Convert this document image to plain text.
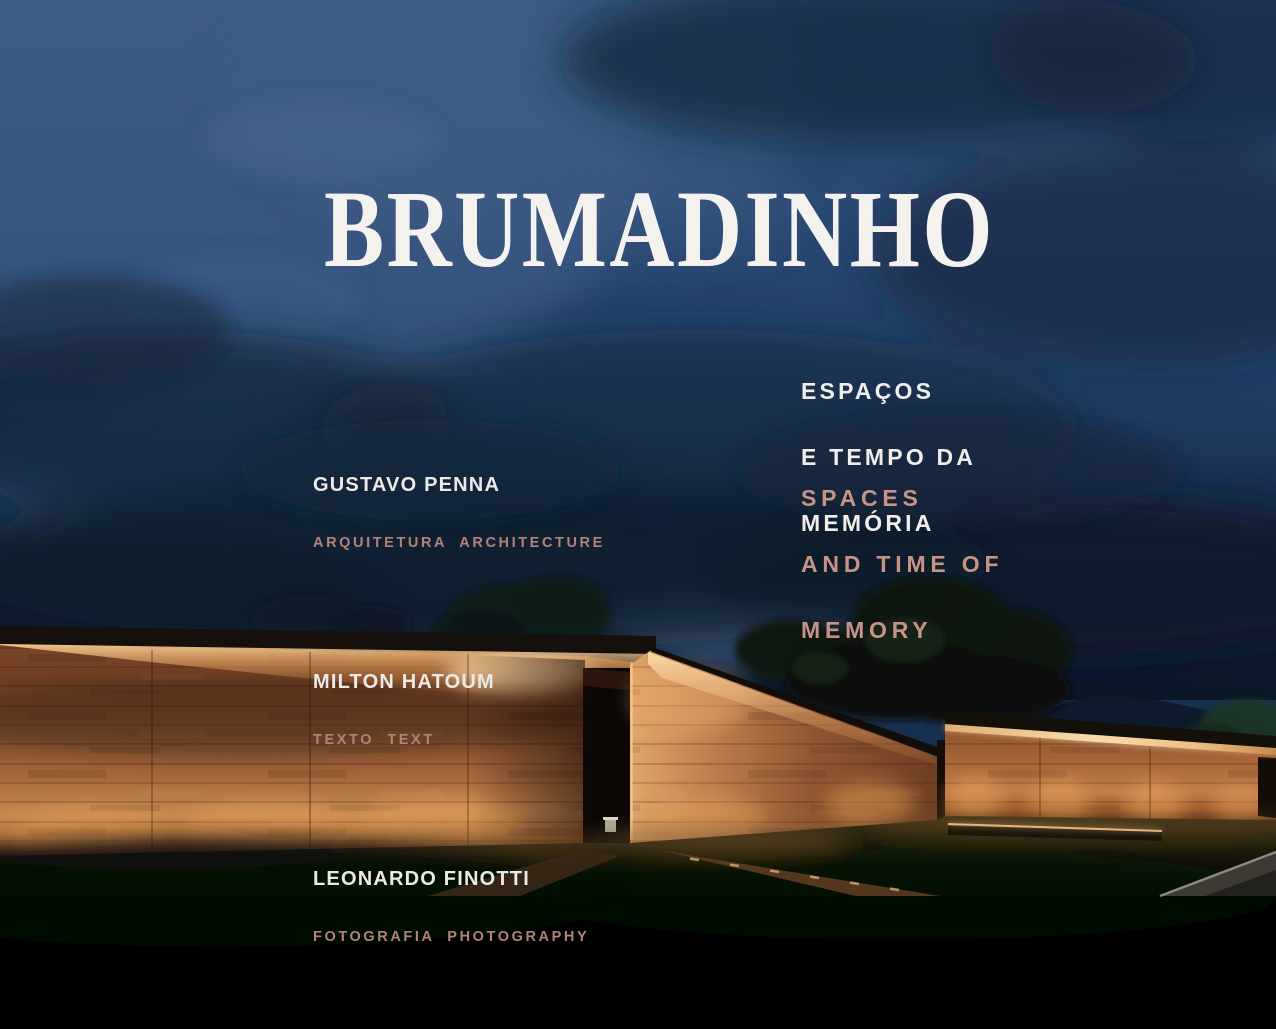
BRUMADINHO

GUSTAVO PENNA

ARQUITETURA  ARCHITECTURE

MILTON HATOUM

TEXTO  TEXT

LEONARDO FINOTTI

FOTOGRAFIA  PHOTOGRAPHY

ESPAÇOS

E TEMPO DA

MEMÓRIA

SPACES

AND TIME OF

MEMORY
